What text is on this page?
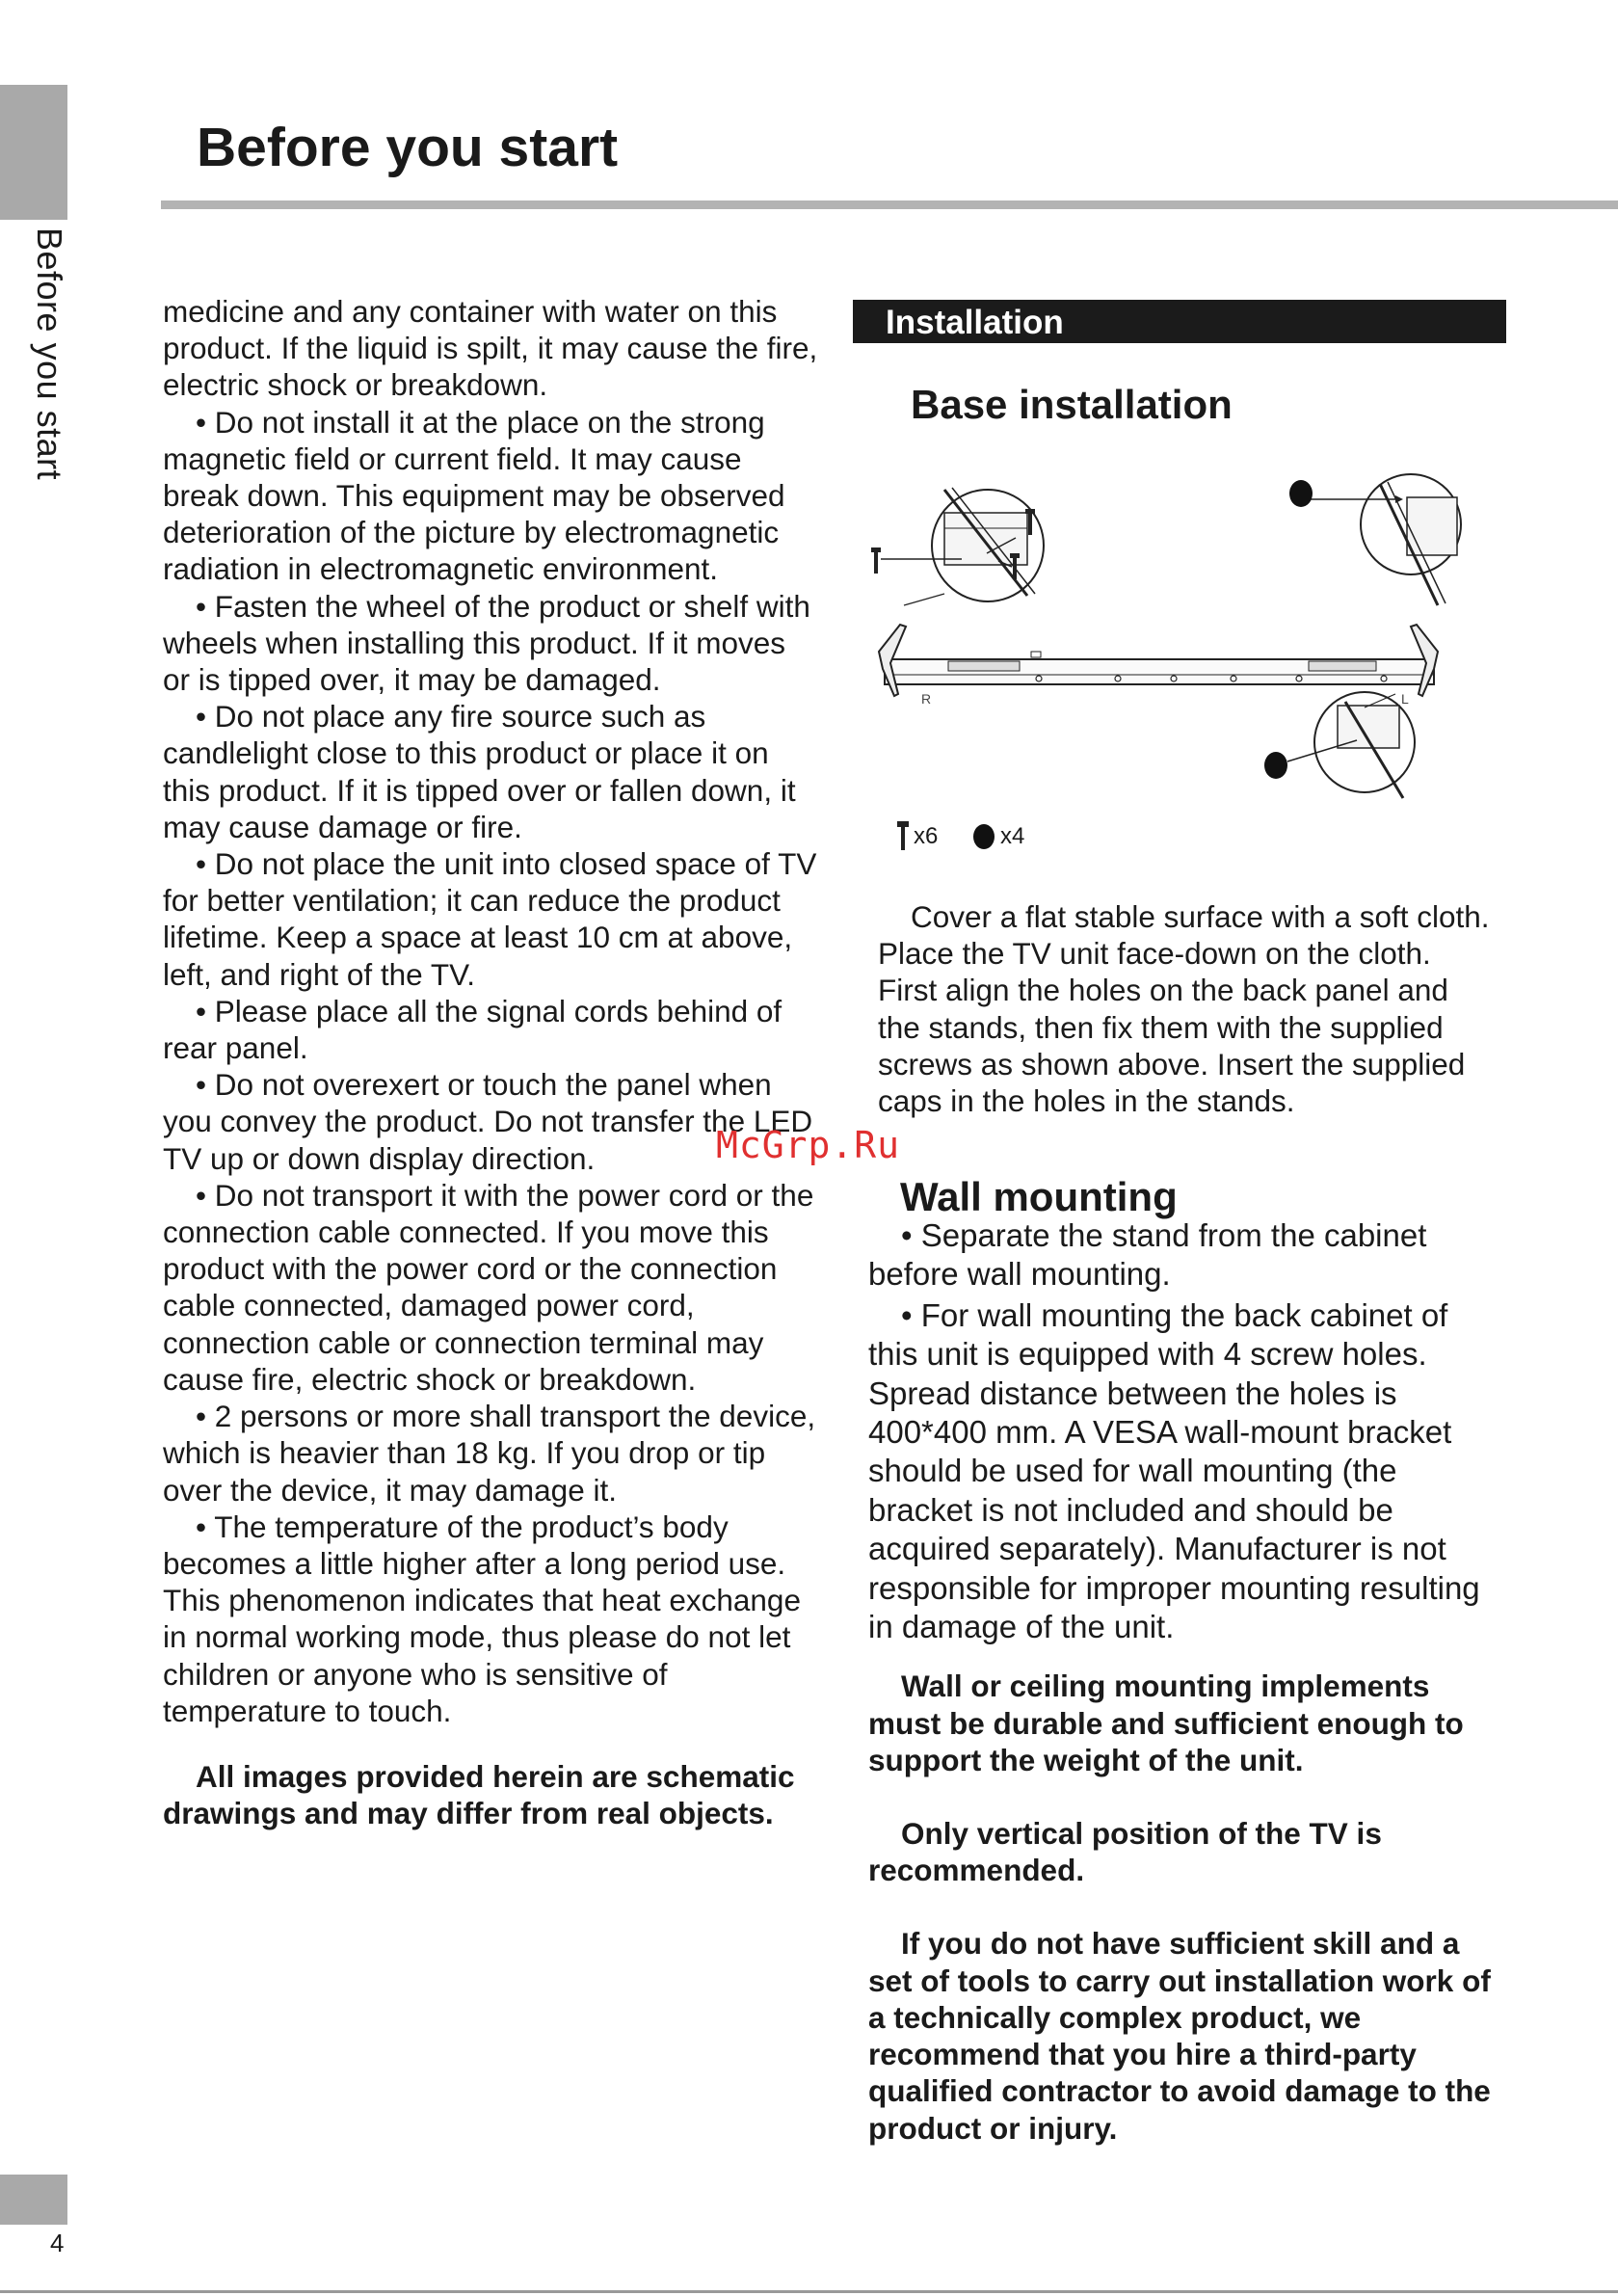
Before you start
4
Before you start

medicine and any container with water on this product. If the liquid is spilt, it may cause the fire, electric shock or breakdown.

• Do not install it at the place on the strong magnetic field or current field. It may cause break down. This equipment may be observed deterioration of the picture by electromagnetic radiation in electromagnetic environment.

• Fasten the wheel of the product or shelf with wheels when installing this product. If it moves or is tipped over, it may be damaged.

• Do not place any fire source such as candlelight close to this product or place it on this product. If it is tipped over or fallen down, it may cause damage or fire.

• Do not place the unit into closed space of TV for better ventilation; it can reduce the product lifetime. Keep a space at least 10 cm at above, left, and right of the TV.

• Please place all the signal cords behind of rear panel.

• Do not overexert or touch the panel when you convey the product. Do not transfer the LED TV up or down display direction.

• Do not transport it with the power cord or the connection cable connected. If you move this product with the power cord or the connection cable connected, damaged power cord, connection cable or connection terminal may cause fire, electric shock or breakdown.

• 2 persons or more shall transport the device, which is heavier than 18 kg. If you drop or tip over the device, it may damage it.

• The temperature of the product’s body becomes a little higher after a long period use. This phenomenon indicates that heat exchange in normal working mode, thus please do not let children or anyone who is sensitive of temperature to touch.

All images provided herein are schematic drawings and may differ from real objects.

Installation
Base installation
R	L
x6	x4

Cover a flat stable surface with a soft cloth. Place the TV unit face-down on the cloth. First align the holes on the back panel and the stands, then fix them with the supplied screws as shown above. Insert the supplied caps in the holes in the stands.

McGrp.Ru
Wall mounting

• Separate the stand from the cabinet before wall mounting.

• For wall mounting the back cabinet of this unit is equipped with 4 screw holes. Spread distance between the holes is 400*400 mm. A VESA wall-mount bracket should be used for wall mounting (the bracket is not included and should be acquired separately). Manufacturer is not responsible for improper mounting resulting in damage of the unit.

Wall or ceiling mounting implements must be durable and sufficient enough to support the weight of the unit.

Only vertical position of the TV is recommended.

If you do not have sufficient skill and a set of tools to carry out installation work of a technically complex product, we recommend that you hire a third-party qualified contractor to avoid damage to the product or injury.
